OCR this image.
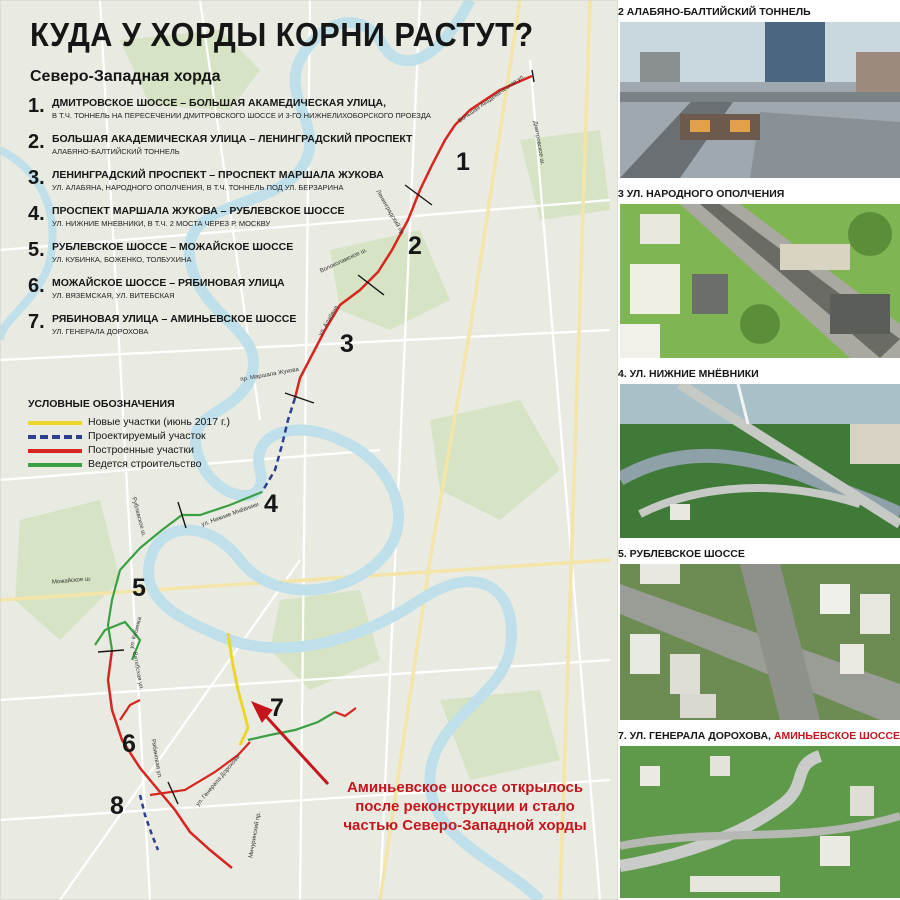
КУДА У ХОРДЫ КОРНИ РАСТУТ?
Северо-Западная хорда
1. ДМИТРОВСКОЕ ШОССЕ – БОЛЬШАЯ АКАМЕДИЧЕСКАЯ УЛИЦА,
В Т.Ч. ТОННЕЛЬ НА ПЕРЕСЕЧЕНИИ ДМИТРОВСКОГО ШОССЕ И 3-ГО НИЖНЕЛИХОБОРСКОГО ПРОЕЗДА
2. БОЛЬШАЯ АКАДЕМИЧЕСКАЯ УЛИЦА – ЛЕНИНГРАДСКИЙ ПРОСПЕКТ
АЛАБЯНО-БАЛТИЙСКИЙ ТОННЕЛЬ
3. ЛЕНИНГРАДСКИЙ ПРОСПЕКТ – ПРОСПЕКТ МАРШАЛА ЖУКОВА
УЛ. АЛАБЯНА, НАРОДНОГО ОПОЛЧЕНИЯ, В Т.Ч. ТОННЕЛЬ ПОД УЛ. БЕРЗАРИНА
4. ПРОСПЕКТ МАРШАЛА ЖУКОВА – РУБЛЕВСКОЕ ШОССЕ
УЛ. НИЖНИЕ МНЕВНИКИ, В Т.Ч. 2 МОСТА ЧЕРЕЗ Р. МОСКВУ
5. РУБЛЕВСКОЕ ШОССЕ – МОЖАЙСКОЕ ШОССЕ
УЛ. КУБИНКА, БОЖЕНКО, ТОЛБУХИНА
6. МОЖАЙСКОЕ ШОССЕ – РЯБИНОВАЯ УЛИЦА
УЛ. ВЯЗЕМСКАЯ, УЛ. ВИТЕБСКАЯ
7. РЯБИНОВАЯ УЛИЦА – АМИНЬЕВСКОЕ ШОССЕ
УЛ. ГЕНЕРАЛА ДОРОХОВА
УСЛОВНЫЕ ОБОЗНАЧЕНИЯ
Новые участки (июнь 2017 г.)
Проектируемый участок
Построенные участки
Ведется строительство
1
2
3
4
5
6
7
8
Большая Академическая ул.
Дмитровское ш.
Ленинградский пр.
Волоколамское ш.
ул. Алабяна
пр. Маршала Жукова
Рублевское ш.	ул. Нижние Мнёвники
Можайское ш.
ул. Кубинка
Витебская ул.
ул. Генерала Дорохова
Рябиновая ул.
Мичуринский пр.
Аминьевское шоссе открылось
после реконструкции и стало
частью Северо-Западной хорды
2 АЛАБЯНО-БАЛТИЙСКИЙ ТОННЕЛЬ
3 УЛ. НАРОДНОГО ОПОЛЧЕНИЯ
4. УЛ. НИЖНИЕ МНЁВНИКИ
5. РУБЛЕВСКОЕ ШОССЕ
7. УЛ. ГЕНЕРАЛА ДОРОХОВА, АМИНЬЕВСКОЕ ШОССЕ
